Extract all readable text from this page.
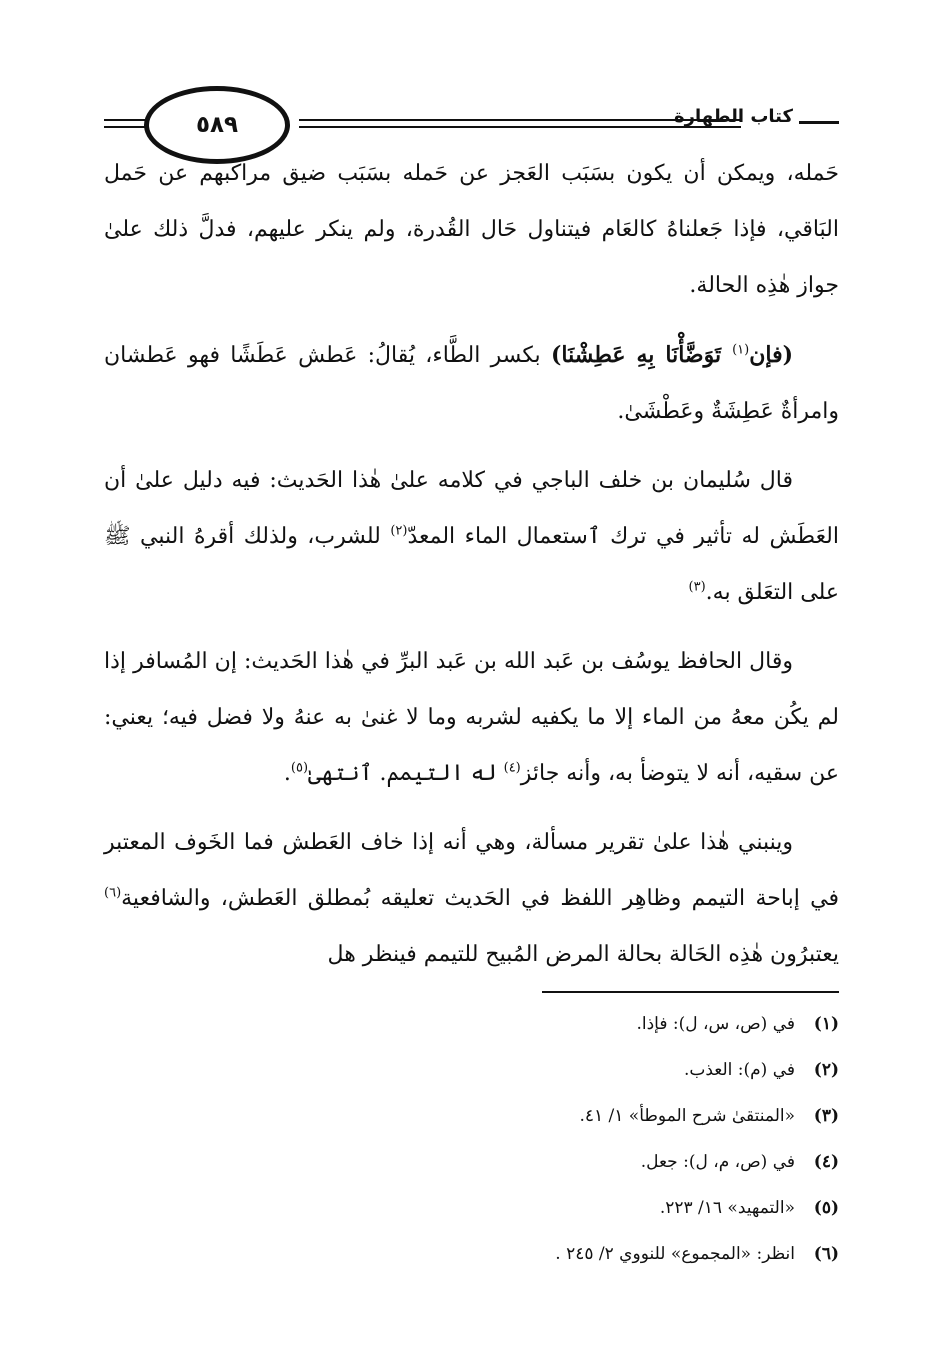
كتاب الطهارة
٥٨٩

حَمله، ويمكن أن يكون بسَبَب العَجز عن حَمله بسَبَب ضيق مراكبهم عن حَمل البَاقي، فإذا جَعلناهُ كالعَام فيتناول حَال القُدرة، ولم ينكر عليهم، فدلَّ ذلك علىٰ جواز هٰذِه الحالة.

(فإن$^{(١)}$ تَوَضَّأْنَا بِهِ عَطِشْنَا) بكسر الطَّاء، يُقالُ: عَطش عَطَشًا فهو عَطشان وامرأةٌ عَطِشَةٌ وعَطْشَىٰ.

قال سُليمان بن خلف الباجي في كلامه علىٰ هٰذا الحَديث: فيه دليل علىٰ أن العَطَش له تأثير في ترك ٱستعمال الماء المعدّ$^{(٢)}$ للشرب، ولذلك أقرهُ النبي ﷺ على التعَلق به.$^{(٣)}$

وقال الحافظ يوسُف بن عَبد الله بن عَبد البرِّ في هٰذا الحَديث: إن المُسافر إذا لم يكُن معهُ من الماء إلا ما يكفيه لشربه وما لا غنىٰ به عنهُ ولا فضل فيه؛ يعني: عن سقيه، أنه لا يتوضأ به، وأنه جائز$^{(٤)}$ له التيمم. ٱنتهىٰ$^{(٥)}$.

وينبني هٰذا علىٰ تقرير مسألة، وهي أنه إذا خاف العَطش فما الخَوف المعتبر في إباحة التيمم وظاهِر اللفظ في الحَديث تعليقه بُمطلق العَطش، والشافعية$^{(٦)}$ يعتبرُون هٰذِه الحَالة بحالة المرض المُبيح للتيمم فينظر هل

(١)
في (ص، س، ل): فإذا.
(٢)
في (م): العذب.
(٣)
«المنتقىٰ شرح الموطأ» ١/ ٤١.
(٤)
في (ص، م، ل): جعل.
(٥)
«التمهيد» ١٦/ ٢٢٣.
(٦)
انظر: «المجموع» للنووي ٢/ ٢٤٥ .
